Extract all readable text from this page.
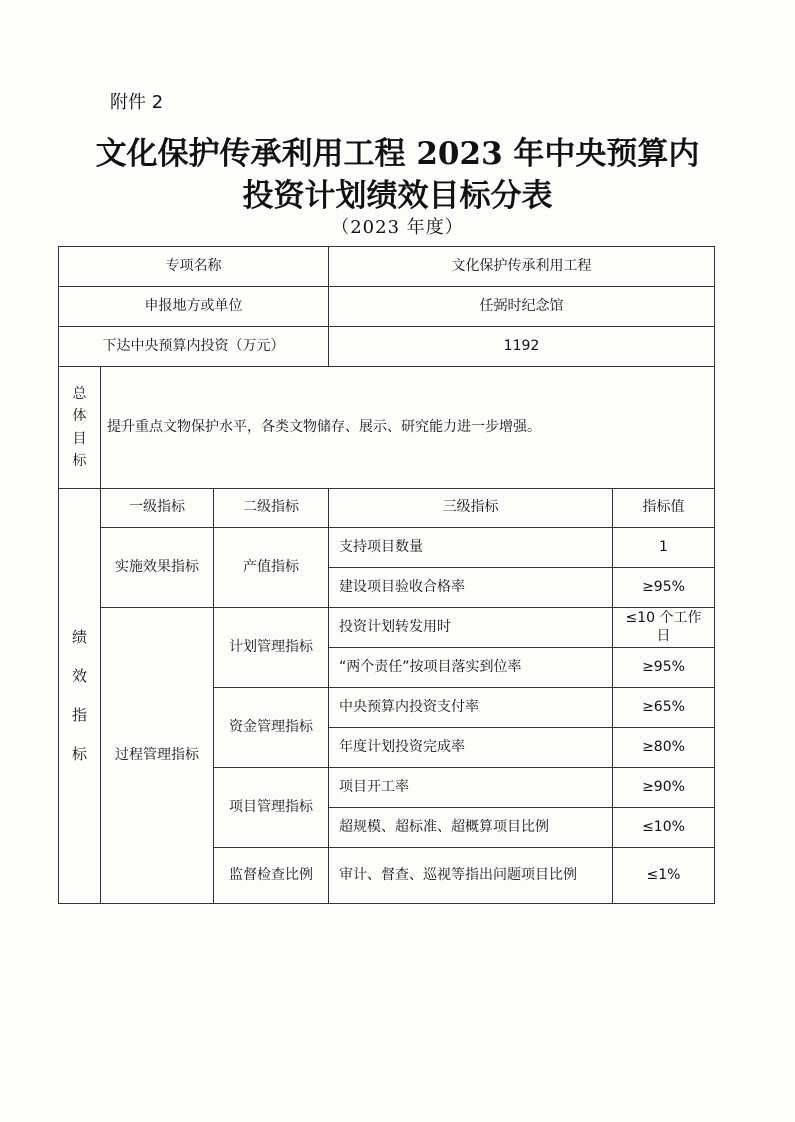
附件 2
文化保护传承利用工程 2023 年中央预算内
投资计划绩效目标分表
（2023 年度）
专项名称			文化保护传承利用工程	
申报地方或单位			任弼时纪念馆	
下达中央预算内投资（万元）			1192	
总体目标	提升重点文物保护水平，各类文物储存、展示、研究能力进一步增强。			
绩效指标	一级指标	二级指标	三级指标	指标值
	实施效果指标	产值指标	支持项目数量	1
			建设项目验收合格率	≥95%
	过程管理指标	计划管理指标	投资计划转发用时	≤10 个工作日
			“两个责任”按项目落实到位率	≥95%
		资金管理指标	中央预算内投资支付率	≥65%
			年度计划投资完成率	≥80%
		项目管理指标	项目开工率	≥90%
			超规模、超标准、超概算项目比例	≤10%
		监督检查比例	审计、督查、巡视等指出问题项目比例	≤1%
